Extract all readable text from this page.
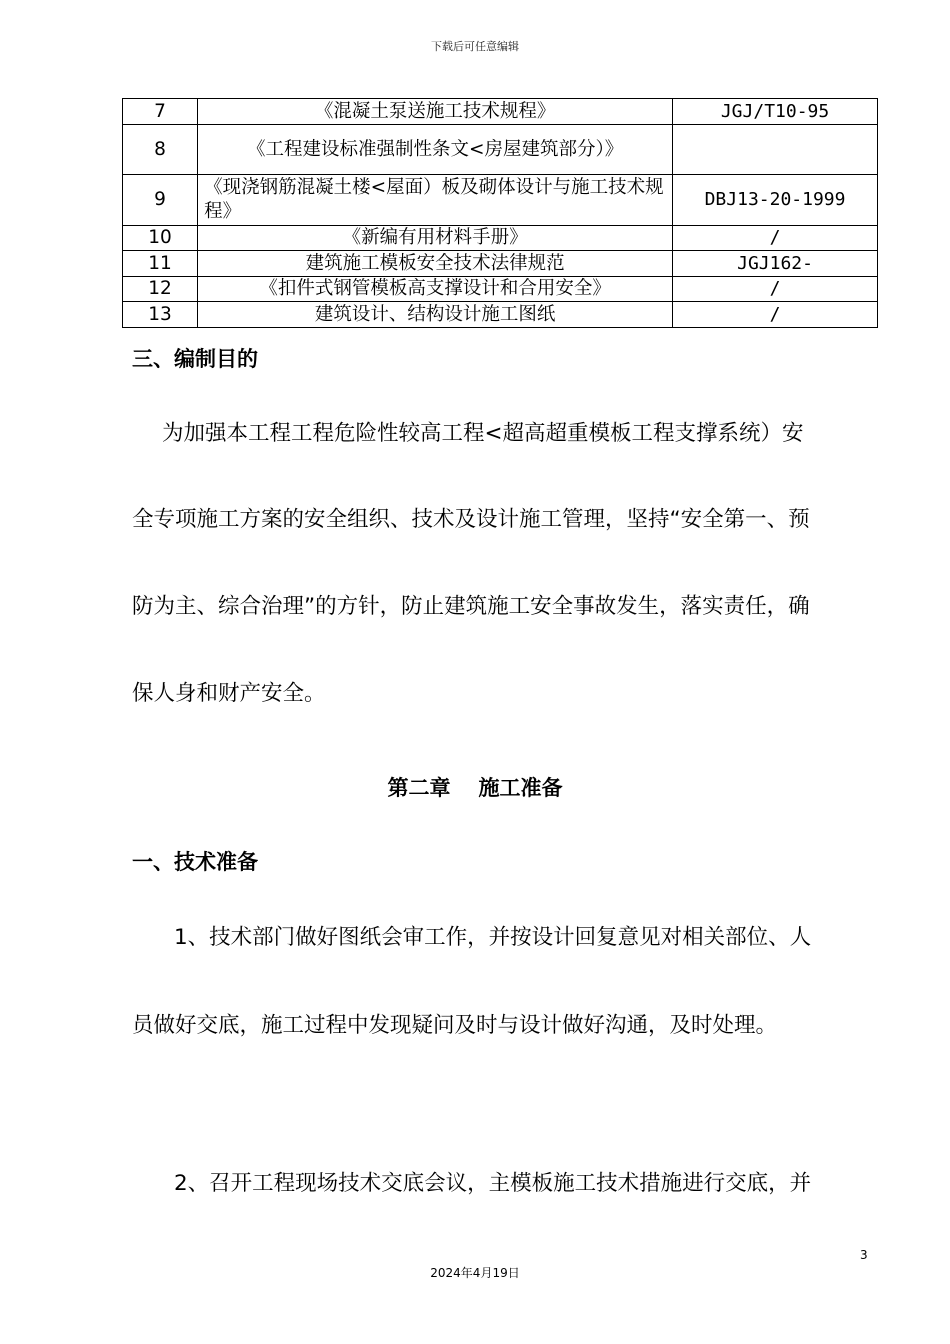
下载后可任意编辑
7	《混凝土泵送施工技术规程》	JGJ/T10-95
8	《工程建设标准强制性条文<房屋建筑部分）》	
9	《现浇钢筋混凝土楼<屋面）板及砌体设计与施工技术规程》	DBJ13-20-1999
10	《新编有用材料手册》	/
11	建筑施工模板安全技术法律规范	JGJ162-
12	《扣件式钢管模板高支撑设计和合用安全》	/
13	建筑设计、结构设计施工图纸	/
三、编制目的
为加强本工程工程危险性较高工程<超高超重模板工程支撑系统）安
全专项施工方案的安全组织、技术及设计施工管理，坚持“安全第一、预
防为主、综合治理”的方针，防止建筑施工安全事故发生，落实责任，确
保人身和财产安全。
第二章 施工准备
一、技术准备
1、技术部门做好图纸会审工作，并按设计回复意见对相关部位、人
员做好交底，施工过程中发现疑问及时与设计做好沟通，及时处理。
2、召开工程现场技术交底会议，主模板施工技术措施进行交底，并
3
2024年4月19日
